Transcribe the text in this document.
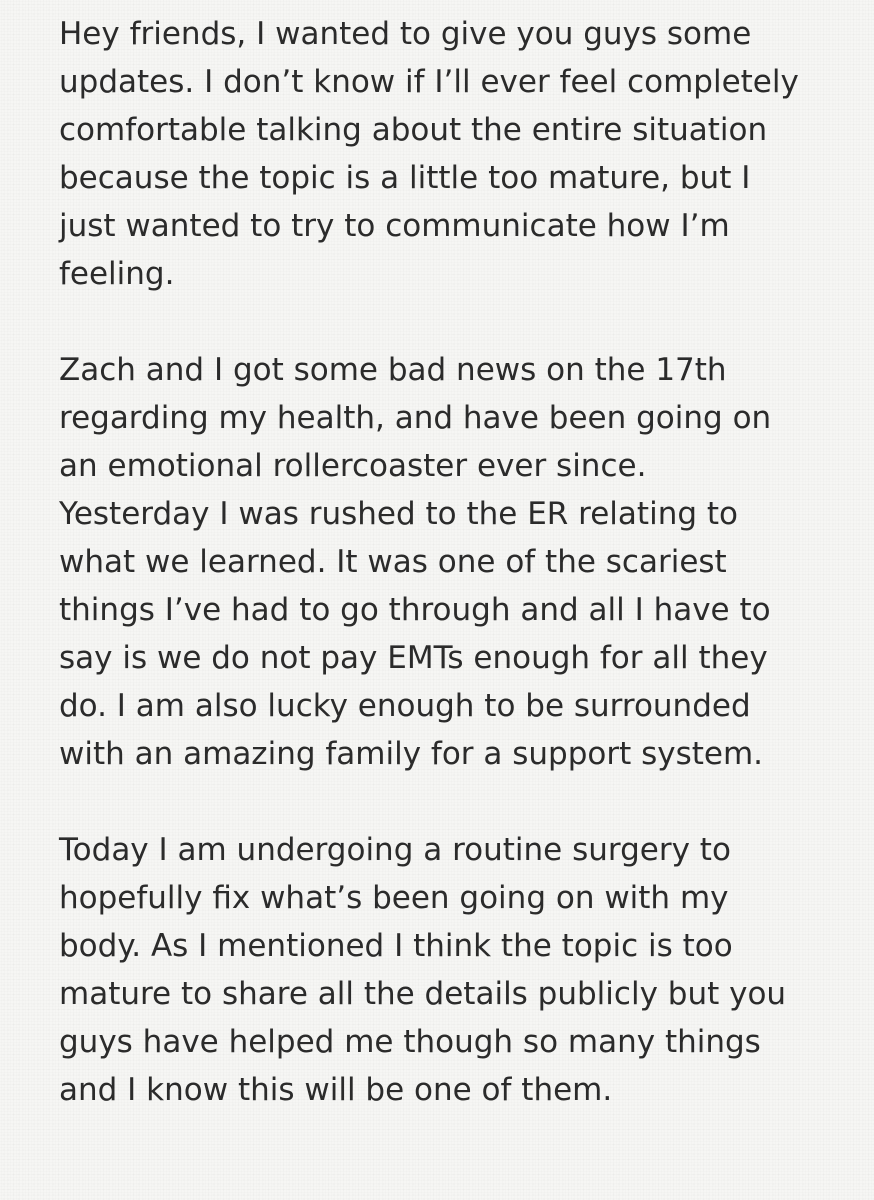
Hey friends, I wanted to give you guys some
updates. I don’t know if I’ll ever feel completely
comfortable talking about the entire situation
because the topic is a little too mature, but I
just wanted to try to communicate how I’m
feeling.
Zach and I got some bad news on the 17th
regarding my health, and have been going on
an emotional rollercoaster ever since.
Yesterday I was rushed to the ER relating to
what we learned. It was one of the scariest
things I’ve had to go through and all I have to
say is we do not pay EMTs enough for all they
do. I am also lucky enough to be surrounded
with an amazing family for a support system.
Today I am undergoing a routine surgery to
hopefully fix what’s been going on with my
body. As I mentioned I think the topic is too
mature to share all the details publicly but you
guys have helped me though so many things
and I know this will be one of them.
